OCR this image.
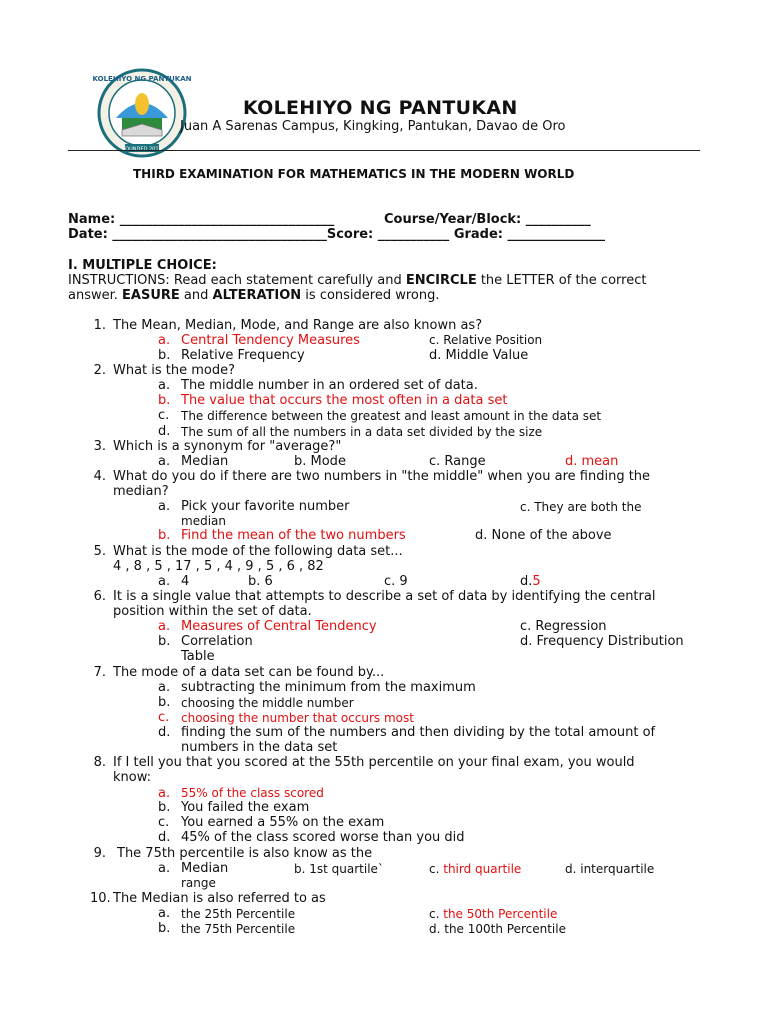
KOLEHIYO NG PANTUKAN
FOUNDED 2017
KOLEHIYO NG PANTUKAN
Juan A Sarenas Campus, Kingking, Pantukan, Davao de Oro
THIRD EXAMINATION FOR MATHEMATICS IN THE MODERN WORLD
Name: _________________________________	Course/Year/Block: __________
Date: _________________________________Score: ___________ Grade: _______________
I. MULTIPLE CHOICE:
INSTRUCTIONS: Read each statement carefully and ENCIRCLE the LETTER of the correct
answer. EASURE and ALTERATION is considered wrong.
1. The Mean, Median, Mode, and Range are also known as?
a. Central Tendency Measures	c. Relative Position
b. Relative Frequency	d. Middle Value
2. What is the mode?
a. The middle number in an ordered set of data.
b. The value that occurs the most often in a data set
c. The difference between the greatest and least amount in the data set
d. The sum of all the numbers in a data set divided by the size
3. Which is a synonym for "average?"
a. Median	b. Mode	c. Range	d. mean
4. What do you do if there are two numbers in "the middle" when you are finding the
median?
a. Pick your favorite number	c. They are both the
median
b. Find the mean of the two numbers	d. None of the above
5. What is the mode of the following data set...
4 , 8 , 5 , 17 , 5 , 4 , 9 , 5 , 6 , 82
a. 4	b. 6	c. 9	d.5
6. It is a single value that attempts to describe a set of data by identifying the central
position within the set of data.
a. Measures of Central Tendency	c. Regression
b. Correlation	d. Frequency Distribution
Table
7. The mode of a data set can be found by...
a. subtracting the minimum from the maximum
b. choosing the middle number
c. choosing the number that occurs most
d. finding the sum of the numbers and then dividing by the total amount of
numbers in the data set
8. If I tell you that you scored at the 55th percentile on your final exam, you would
know:
a. 55% of the class scored
b. You failed the exam
c. You earned a 55% on the exam
d. 45% of the class scored worse than you did
9. The 75th percentile is also know as the
a. Median	b. 1st quartile`	c. third quartile	d. interquartile
range
10. The Median is also referred to as
a. the 25th Percentile	c. the 50th Percentile
b. the 75th Percentile	d. the 100th Percentile
